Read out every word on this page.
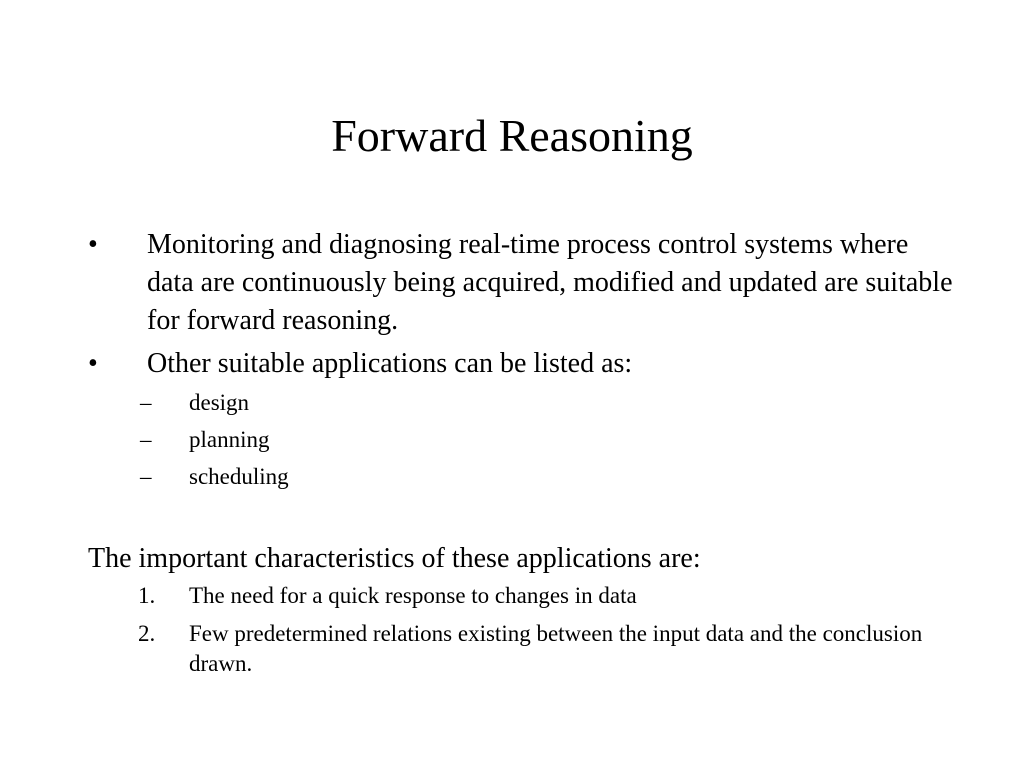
Forward Reasoning
• Monitoring and diagnosing real-time process control systems where data are continuously being acquired, modified and updated are suitable for forward reasoning.
• Other suitable applications can be listed as:
– design
– planning
– scheduling
The important characteristics of these applications are:
1. The need for a quick response to changes in data
2. Few predetermined relations existing between the input data and the conclusion drawn.
